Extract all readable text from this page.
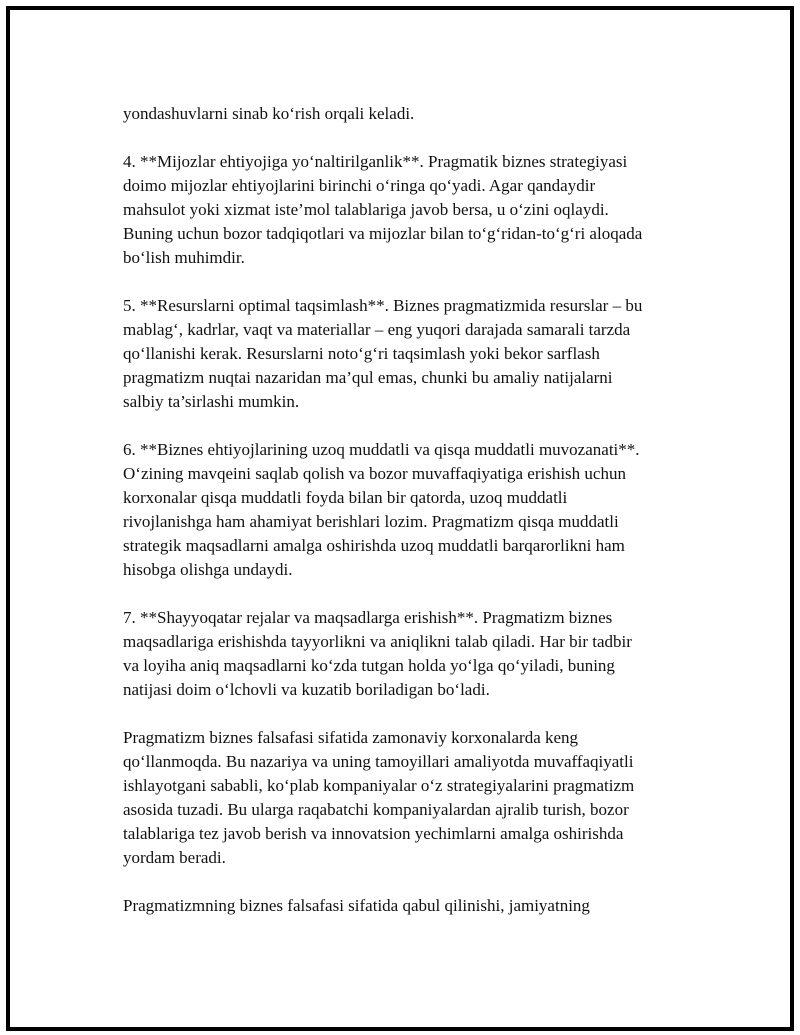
yondashuvlarni sinab ko‘rish orqali keladi.

4. **Mijozlar ehtiyojiga yo‘naltirilganlik**. Pragmatik biznes strategiyasi
doimo mijozlar ehtiyojlarini birinchi o‘ringa qo‘yadi. Agar qandaydir
mahsulot yoki xizmat iste’mol talablariga javob bersa, u o‘zini oqlaydi.
Buning uchun bozor tadqiqotlari va mijozlar bilan to‘g‘ridan-to‘g‘ri aloqada
bo‘lish muhimdir.

5. **Resurslarni optimal taqsimlash**. Biznes pragmatizmida resurslar – bu
mablag‘, kadrlar, vaqt va materiallar – eng yuqori darajada samarali tarzda
qo‘llanishi kerak. Resurslarni noto‘g‘ri taqsimlash yoki bekor sarflash
pragmatizm nuqtai nazaridan ma’qul emas, chunki bu amaliy natijalarni
salbiy ta’sirlashi mumkin.

6. **Biznes ehtiyojlarining uzoq muddatli va qisqa muddatli muvozanati**.
O‘zining mavqeini saqlab qolish va bozor muvaffaqiyatiga erishish uchun
korxonalar qisqa muddatli foyda bilan bir qatorda, uzoq muddatli
rivojlanishga ham ahamiyat berishlari lozim. Pragmatizm qisqa muddatli
strategik maqsadlarni amalga oshirishda uzoq muddatli barqarorlikni ham
hisobga olishga undaydi.

7. **Shayyoqatar rejalar va maqsadlarga erishish**. Pragmatizm biznes
maqsadlariga erishishda tayyorlikni va aniqlikni talab qiladi. Har bir tadbir
va loyiha aniq maqsadlarni ko‘zda tutgan holda yo‘lga qo‘yiladi, buning
natijasi doim o‘lchovli va kuzatib boriladigan bo‘ladi.

Pragmatizm biznes falsafasi sifatida zamonaviy korxonalarda keng
qo‘llanmoqda. Bu nazariya va uning tamoyillari amaliyotda muvaffaqiyatli
ishlayotgani sababli, ko‘plab kompaniyalar o‘z strategiyalarini pragmatizm
asosida tuzadi. Bu ularga raqabatchi kompaniyalardan ajralib turish, bozor
talablariga tez javob berish va innovatsion yechimlarni amalga oshirishda
yordam beradi.

Pragmatizmning biznes falsafasi sifatida qabul qilinishi, jamiyatning
